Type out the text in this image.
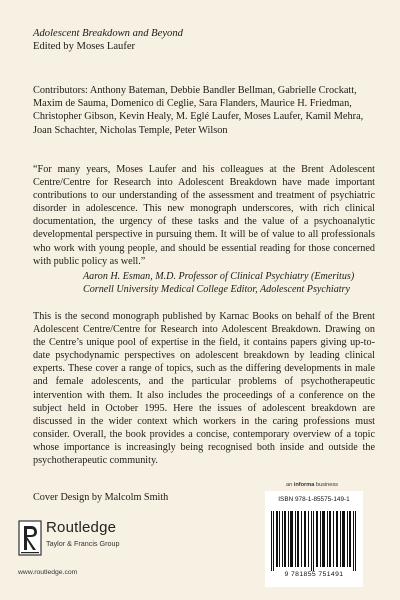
Adolescent Breakdown and Beyond

Edited by Moses Laufer

Contributors: Anthony Bateman, Debbie Bandler Bellman, Gabrielle Crockatt, Maxim de Sauma, Domenico di Ceglie, Sara Flanders, Maurice H. Friedman, Christopher Gibson, Kevin Healy, M. Eglé Laufer, Moses Laufer, Kamil Mehra, Joan Schachter, Nicholas Temple, Peter Wilson

“For many years, Moses Laufer and his colleagues at the Brent Adolescent Centre/Centre for Research into Adolescent Breakdown have made important contributions to our understanding of the assessment and treatment of psychiatric disorder in adolescence. This new monograph underscores, with rich clinical documentation, the urgency of these tasks and the value of a psychoanalytic developmental perspective in pursuing them. It will be of value to all professionals who work with young people, and should be essential reading for those concerned with public policy as well.”

Aaron H. Esman, M.D. Professor of Clinical Psychiatry (Emeritus)
Cornell University Medical College Editor, Adolescent Psychiatry

This is the second monograph published by Karnac Books on behalf of the Brent Adolescent Centre/Centre for Research into Adolescent Breakdown. Drawing on the Centre’s unique pool of expertise in the field, it contains papers giving up-to-date psychodynamic perspectives on adolescent breakdown by leading clinical experts. These cover a range of topics, such as the differing developments in male and female adolescents, and the particular problems of psychotherapeutic intervention with them. It also includes the proceedings of a conference on the subject held in October 1995. Here the issues of adolescent breakdown are discussed in the wider context which workers in the caring professions must consider. Overall, the book provides a concise, contemporary overview of a topic whose importance is increasingly being recognised both inside and outside the psychotherapeutic community.

Cover Design by Malcolm Smith

an informa business

Routledge

Taylor & Francis Group

www.routledge.com

ISBN 978-1-85575-149-1

9 781855 751491
